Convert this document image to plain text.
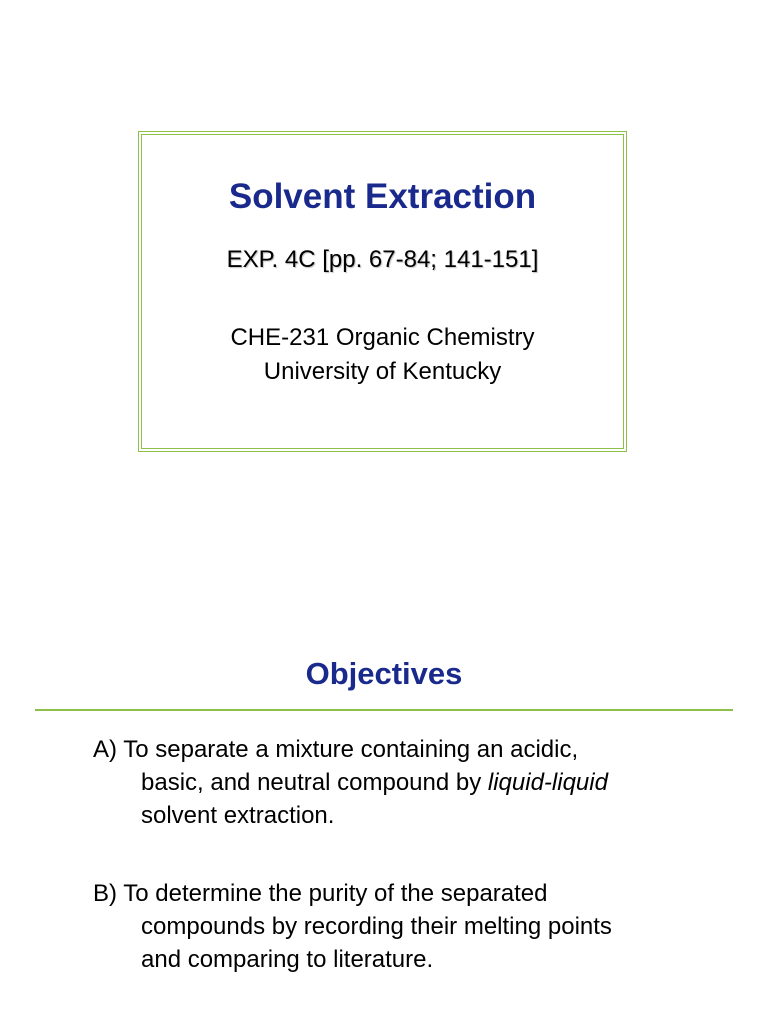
Solvent Extraction
EXP. 4C [pp. 67-84; 141-151]
CHE-231 Organic Chemistry
University of Kentucky
Objectives

A) To separate a mixture containing an acidic,
basic, and neutral compound by liquid-liquid
solvent extraction.

B) To determine the purity of the separated
compounds by recording their melting points
and comparing to literature.
